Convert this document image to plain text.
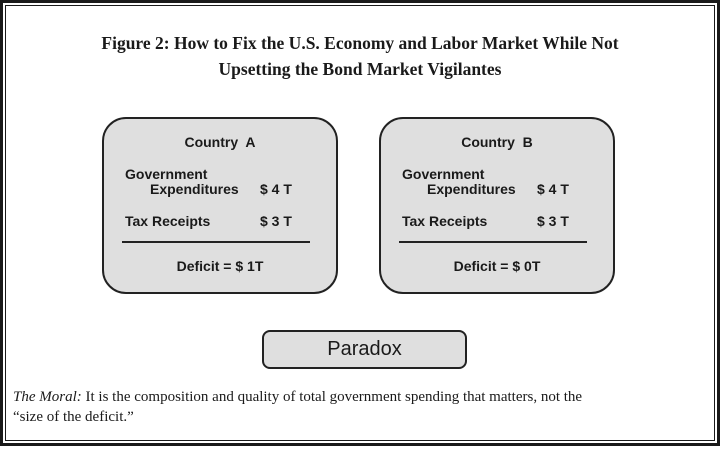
Figure 2: How to Fix the U.S. Economy and Labor Market While Not
Upsetting the Bond Market Vigilantes
Country  A
Government
Expenditures $ 4 T
Tax Receipts	$ 3 T
Deficit = $ 1T
Country  B
Government
Expenditures $ 4 T
Tax Receipts	$ 3 T
Deficit = $ 0T
Paradox
The Moral: It is the composition and quality of total government spending that matters, not the
“size of the deficit.”
